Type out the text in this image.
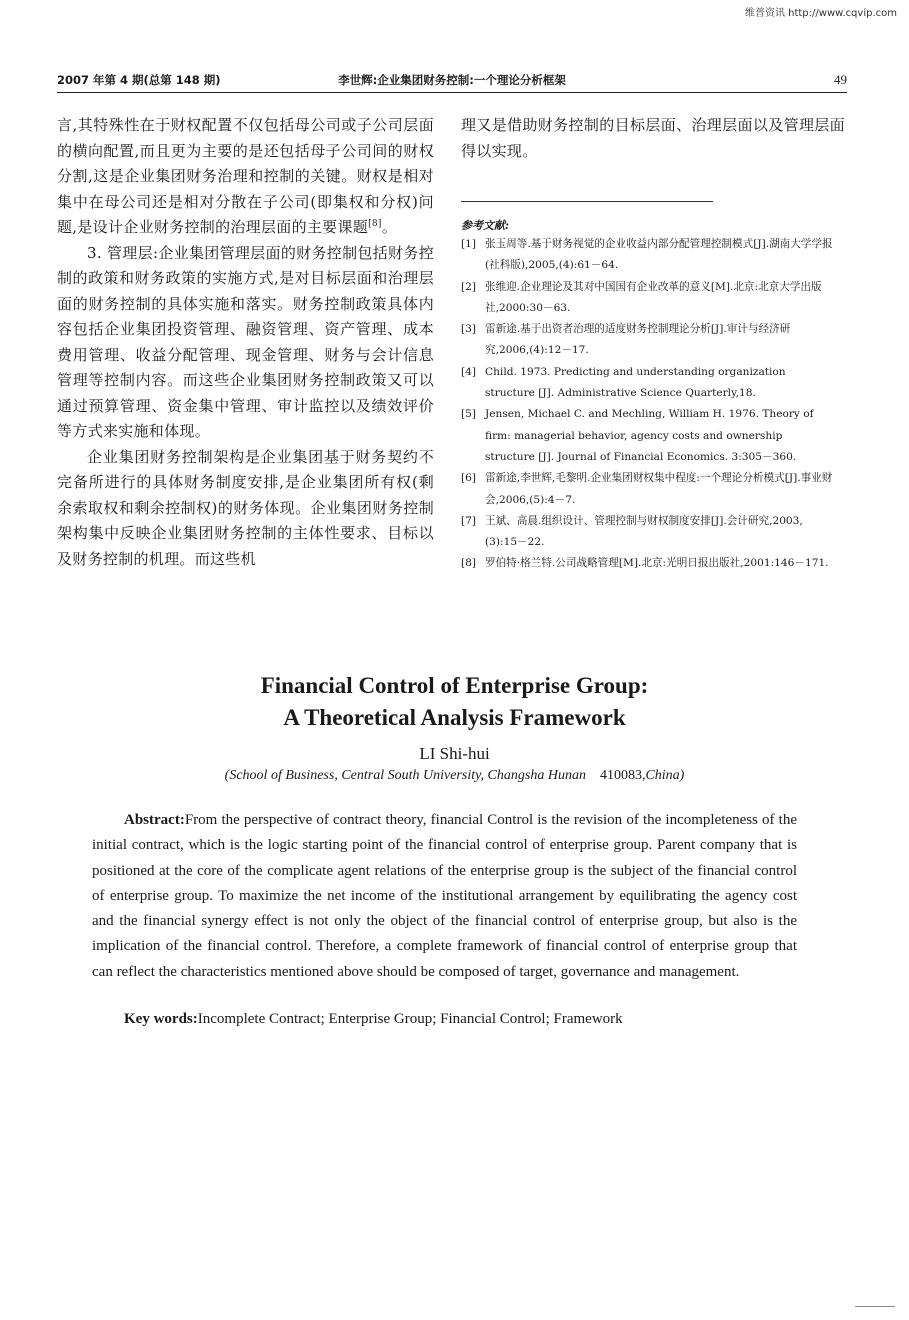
维普资讯 http://www.cqvip.com
2007 年第 4 期(总第 148 期)	李世辉:企业集团财务控制:一个理论分析框架	49

言,其特殊性在于财权配置不仅包括母公司或子公司层面的横向配置,而且更为主要的是还包括母子公司间的财权分割,这是企业集团财务治理和控制的关键。财权是相对集中在母公司还是相对分散在子公司(即集权和分权)问题,是设计企业财务控制的治理层面的主要课题[8]。

3. 管理层:企业集团管理层面的财务控制包括财务控制的政策和财务政策的实施方式,是对目标层面和治理层面的财务控制的具体实施和落实。财务控制政策具体内容包括企业集团投资管理、融资管理、资产管理、成本费用管理、收益分配管理、现金管理、财务与会计信息管理等控制内容。而这些企业集团财务控制政策又可以通过预算管理、资金集中管理、审计监控以及绩效评价等方式来实施和体现。

企业集团财务控制架构是企业集团基于财务契约不完备所进行的具体财务制度安排,是企业集团所有权(剩余索取权和剩余控制权)的财务体现。企业集团财务控制架构集中反映企业集团财务控制的主体性要求、目标以及财务控制的机理。而这些机

理又是借助财务控制的目标层面、治理层面以及管理层面得以实现。

参考文献:
[1] 张玉周等.基于财务视觉的企业收益内部分配管理控制模式[J].湖南大学学报(社科版),2005,(4):61－64.
[2] 张维迎.企业理论及其对中国国有企业改革的意义[M].北京:北京大学出版社,2000:30－63.
[3] 雷新途.基于出资者治理的适度财务控制理论分析[J].审计与经济研究,2006,(4):12－17.
[4] Child. 1973. Predicting and understanding organization structure [J]. Administrative Science Quarterly,18.
[5] Jensen, Michael C. and Mechling, William H. 1976. Theory of firm: managerial behavior, agency costs and ownership structure [J]. Journal of Financial Economics. 3:305－360.
[6] 雷新途,李世辉,毛黎明.企业集团财权集中程度:一个理论分析模式[J].事业财会,2006,(5):4－7.
[7] 王斌、高晨.组织设计、管理控制与财权制度安排[J].会计研究,2003,(3):15－22.
[8] 罗伯特·格兰特.公司战略管理[M].北京:光明日报出版社,2001:146－171.
Financial Control of Enterprise Group:
A Theoretical Analysis Framework
LI Shi-hui
(School of Business, Central South University, Changsha Hunan 410083,China)

Abstract:From the perspective of contract theory, financial Control is the revision of the incompleteness of the initial contract, which is the logic starting point of the financial control of enterprise group. Parent company that is positioned at the core of the complicate agent relations of the enterprise group is the subject of the financial control of enterprise group. To maximize the net income of the institutional arrangement by equilibrating the agency cost and the financial synergy effect is not only the object of the financial control of enterprise group, but also is the implication of the financial control. Therefore, a complete framework of financial control of enterprise group that can reflect the characteristics mentioned above should be composed of target, governance and management.

Key words:Incomplete Contract; Enterprise Group; Financial Control; Framework
